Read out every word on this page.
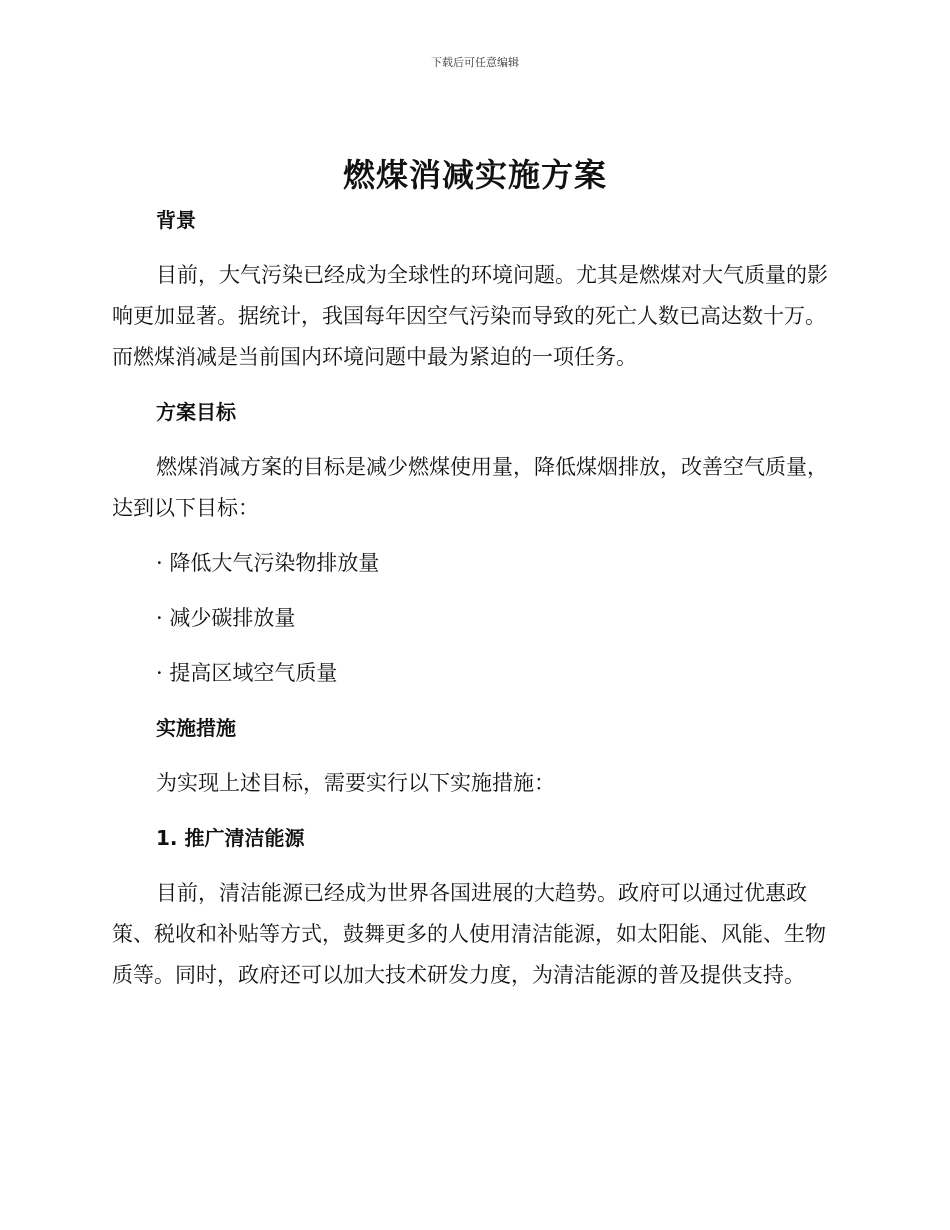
下载后可任意编辑
燃煤消减实施方案
背景

目前，大气污染已经成为全球性的环境问题。尤其是燃煤对大气质量的影响更加显著。据统计，我国每年因空气污染而导致的死亡人数已高达数十万。而燃煤消减是当前国内环境问题中最为紧迫的一项任务。

方案目标

燃煤消减方案的目标是减少燃煤使用量，降低煤烟排放，改善空气质量，达到以下目标：

· 降低大气污染物排放量

· 减少碳排放量

· 提高区域空气质量

实施措施

为实现上述目标，需要实行以下实施措施：

1. 推广清洁能源

目前，清洁能源已经成为世界各国进展的大趋势。政府可以通过优惠政策、税收和补贴等方式，鼓舞更多的人使用清洁能源，如太阳能、风能、生物质等。同时，政府还可以加大技术研发力度，为清洁能源的普及提供支持。
